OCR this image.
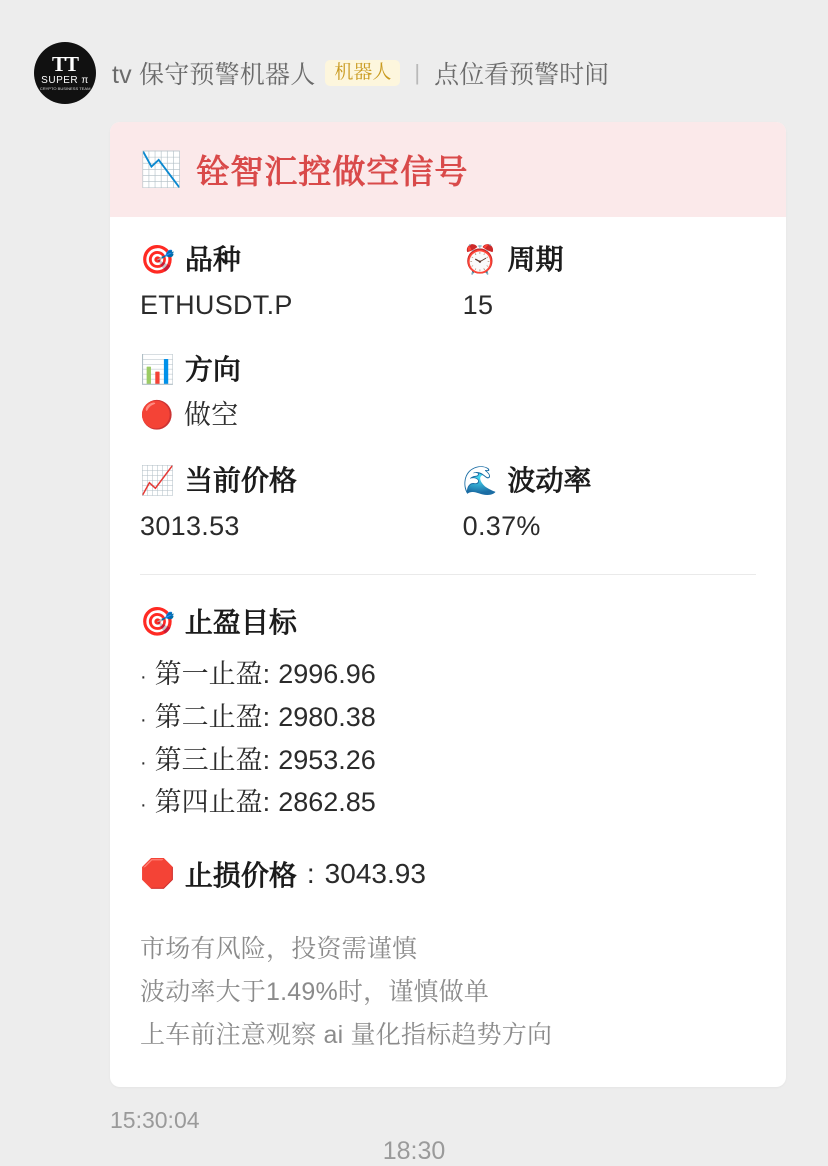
TT
SUPER π
CRYPTO BUSINESS TEAM tv 保守预警机器人	机器人	| 点位看预警时间
📉 铨智汇控做空信号
🎯 品种
ETHUSDT.P
⏰ 周期
15
📊 方向
🔴 做空
📈 当前价格
3013.53
🌊 波动率
0.37%
🎯 止盈目标
· 第一止盈: 2996.96
· 第二止盈: 2980.38
· 第三止盈: 2953.26
· 第四止盈: 2862.85
🛑 止损价格 : 3043.93
市场有风险，投资需谨慎
波动率大于1.49%时，谨慎做单
上车前注意观察 ai 量化指标趋势方向
15:30:04
18:30
